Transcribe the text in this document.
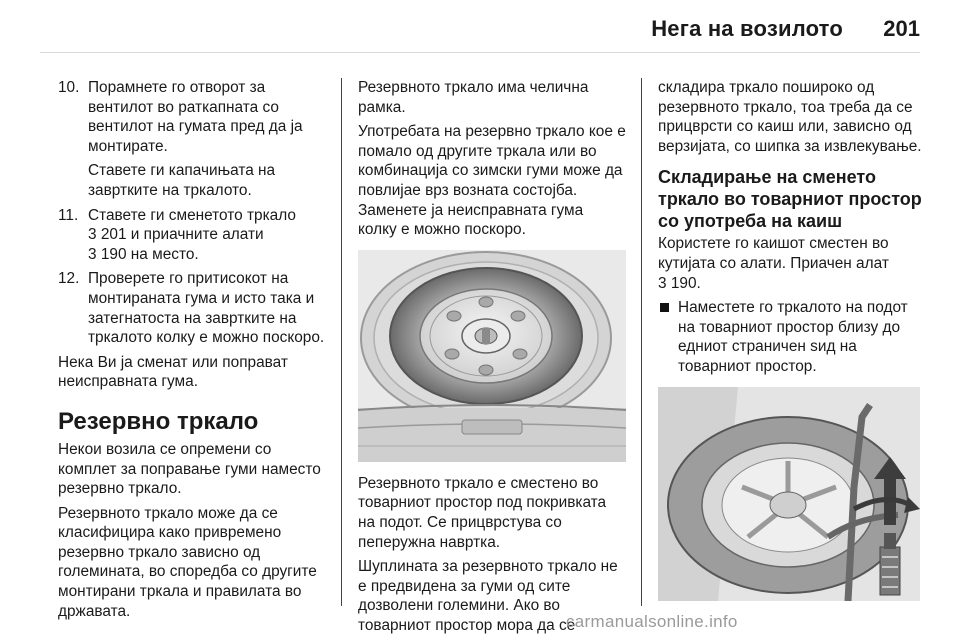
Нега на возилото 201
10. Порамнете го отворот за вентилот во раткапната со вентилот на гумата пред да ја монтирате.

Ставете ги капачињата на завртките на тркалото.

11. Ставете ги сменетото тркало
3 201 и приачните алати
3 190 на место.
12. Проверете го притисокот на монтираната гума и исто така и затегнатоста на завртките на тркалото колку е можно поскоро.

Нека Ви ја сменат или поправат неисправната гума.

Резервно тркало

Некои возила се опремени со комплет за поправање гуми наместо резервно тркало.

Резервното тркало може да се класифицира како привремено резервно тркало зависно од големината, во споредба со другите монтирани тркала и правилата во државата.

Резервното тркало има челична рамка.

Употребата на резервно тркало кое е помало од другите тркала или во комбинација со зимски гуми може да повлијае врз возната состојба. Заменете ја неисправната гума колку е можно поскоро.

Резервното тркало е сместено во товарниот простор под покривката на подот. Се прицврстува со пеперужна навртка.

Шуплината за резервното тркало не е предвидена за гуми од сите дозволени големини. Ако во товарниот простор мора да се

складира тркало пошироко од резервното тркало, тоа треба да се прицврсти со каиш или, зависно од верзијата, со шипка за извлекување.

Складирање на сменето тркало во товарниот простор со употреба на каиш
Користете го каишот сместен во кутијата со алати. Приачен алат
3 190.
Наместете го тркалото на подот на товарниот простор близу до едниот страничен sид на товарниот простор.
carmanualsonline.info
